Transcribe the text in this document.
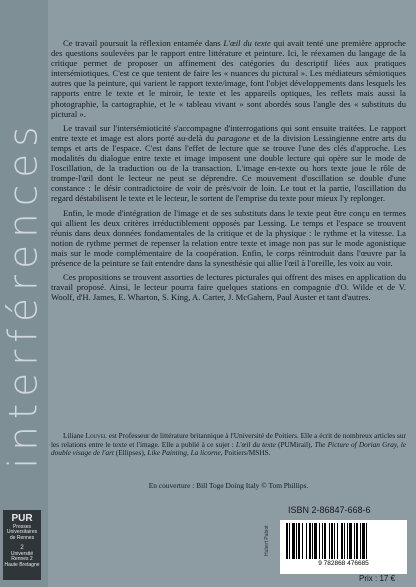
interférences
PUR
Presses
Universitaires
de Rennes
2
Université Rennes 2
Haute Bretagne

Ce travail poursuit la réflexion entamée dans L'œil du texte qui avait tenté une première approche des questions soulevées par le rapport entre littérature et peinture. Ici, le réexamen du langage de la critique permet de proposer un affinement des catégories du descriptif liées aux pratiques intersémiotiques. C'est ce que tentent de faire les « nuances du pictural ». Les médiateurs sémiotiques autres que la peinture, qui varient le rapport texte/image, font l'objet développements dans lesquels les rapports entre le texte et le miroir, le texte et les appareils optiques, les reflets mais aussi la photographie, la cartographie, et le « tableau vivant » sont abordés sous l'angle des « substituts du pictural ».

Le travail sur l'intersémioticité s'accompagne d'interrogations qui sont ensuite traitées. Le rapport entre texte et image est alors porté au-delà du paragone et de la division Lessingienne entre arts du temps et arts de l'espace. C'est dans l'effet de lecture que se trouve l'une des clés d'approche. Les modalités du dialogue entre texte et image imposent une double lecture qui opère sur le mode de l'oscillation, de la traduction ou de la transaction. L'image en-texte ou hors texte joue le rôle de trompe-l'œil dont le lecteur ne peut se déprendre. Ce mouvement d'oscillation se double d'une constance : le désir contradictoire de voir de près/voir de loin. Le tout et la partie, l'oscillation du regard déstabilisent le texte et le lecteur, le sortent de l'emprise du texte pour mieux l'y replonger.

Enfin, le mode d'intégration de l'image et de ses substituts dans le texte peut être conçu en termes qui allient les deux critères irréductiblement opposés par Lessing. Le temps et l'espace se trouvent réunis dans deux données fondamentales de la critique et de la physique : le rythme et la vitesse. La notion de rythme permet de repenser la relation entre texte et image non pas sur le mode agonistique mais sur le mode complémentaire de la coopération. Enfin, le corps réintroduit dans l'œuvre par la présence de la peinture se fait entendre dans la synesthésie qui allie l'œil à l'oreille, les voix au voir.

Ces propositions se trouvent assorties de lectures picturales qui offrent des mises en application du travail proposé. Ainsi, le lecteur pourra faire quelques stations en compagnie d'O. Wilde et de V. Woolf, d'H. James, E. Wharton, S. King, A. Carter, J. McGahern, Paul Auster et tant d'autres.

Liliane Louvel est Professeur de littérature britannique à l'Université de Poitiers. Elle a écrit de nombreux articles sur les relations entre le texte et l'image. Elle a publié à ce sujet : L'œil du texte (PUMirail), The Picture of Dorian Gray, le double visage de l'art (Ellipses), Like Painting, La licorne, Poitiers/MSHS.

En couverture : Bill Toge Doing Italy © Tom Phillips.
ISBN 2-86847-668-6
Hubert Pabiot
9 782868 476685
Prix : 17 €
